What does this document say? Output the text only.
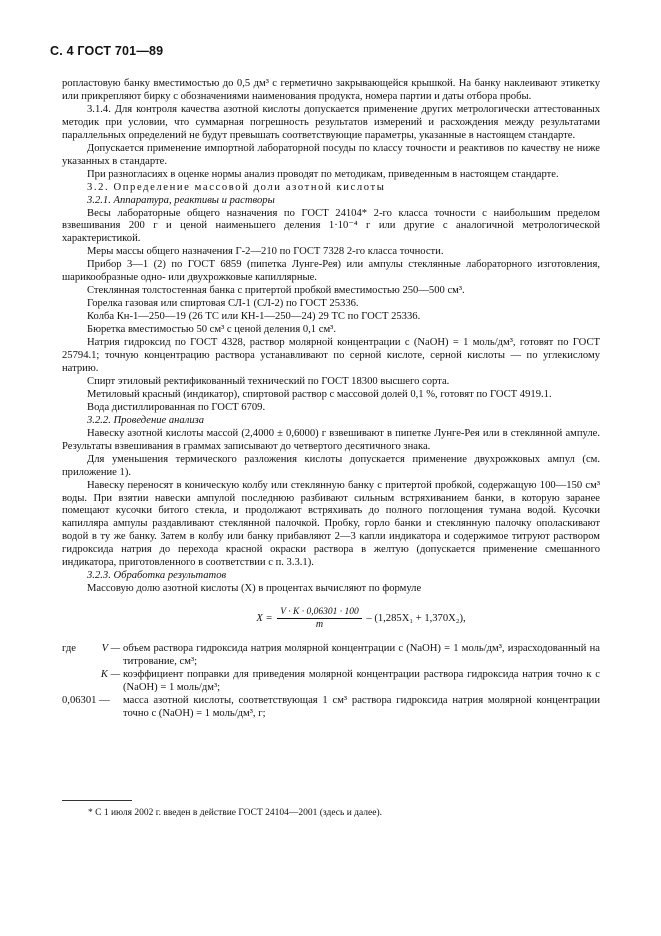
С. 4 ГОСТ 701—89

рoпластовую банку вместимостью до 0,5 дм³ с герметично закрывающейся крышкой. На банку наклеивают этикетку или прикрепляют бирку с обозначениями наименования продукта, номера партии и даты отбора пробы.

3.1.4. Для контроля качества азотной кислоты допускается применение других метрологически аттестованных методик при условии, что суммарная погрешность результатов измерений и расхождения между результатами параллельных определений не будут превышать соответствующие параметры, указанные в настоящем стандарте.

Допускается применение импортной лабораторной посуды по классу точности и реактивов по качеству не ниже указанных в стандарте.

При разногласиях в оценке нормы анализ проводят по методикам, приведенным в настоящем стандарте.

3.2. Определение массовой доли азотной кислоты

3.2.1. Аппаратура, реактивы и растворы

Весы лабораторные общего назначения по ГОСТ 24104* 2-го класса точности с наибольшим пределом взвешивания 200 г и ценой наименьшего деления 1·10⁻⁴ г или другие с аналогичной метрологической характеристикой.

Меры массы общего назначения Г-2—210 по ГОСТ 7328 2-го класса точности.

Прибор 3—1 (2) по ГОСТ 6859 (пипетка Лунге-Рея) или ампулы стеклянные лабораторного изготовления, шарикообразные одно- или двухрожковые капиллярные.

Стеклянная толстостенная банка с притертой пробкой вместимостью 250—500 см³.

Горелка газовая или спиртовая СЛ-1 (СЛ-2) по ГОСТ 25336.

Колба Кн-1—250—19 (26 ТС или КН-1—250—24) 29 ТС по ГОСТ 25336.

Бюретка вместимостью 50 см³ с ценой деления 0,1 см³.

Натрия гидроксид по ГОСТ 4328, раствор молярной концентрации c (NaOH) = 1 моль/дм³, готовят по ГОСТ 25794.1; точную концентрацию раствора устанавливают по серной кислоте, серной кислоты — по углекислому натрию.

Спирт этиловый ректификованный технический по ГОСТ 18300 высшего сорта.

Метиловый красный (индикатор), спиртовой раствор с массовой долей 0,1 %, готовят по ГОСТ 4919.1.

Вода дистиллированная по ГОСТ 6709.

3.2.2. Проведение анализа

Навеску азотной кислоты массой (2,4000 ± 0,6000) г взвешивают в пипетке Лунге-Рея или в стеклянной ампуле. Результаты взвешивания в граммах записывают до четвертого десятичного знака.

Для уменьшения термического разложения кислоты допускается применение двухрожковых ампул (см. приложение 1).

Навеску переносят в коническую колбу или стеклянную банку с притертой пробкой, содержащую 100—150 см³ воды. При взятии навески ампулой последнюю разбивают сильным встряхиванием банки, в которую заранее помещают кусочки битого стекла, и продолжают встряхивать до полного поглощения тумана водой. Кусочки капилляра ампулы раздавливают стеклянной палочкой. Пробку, горло банки и стеклянную палочку ополаскивают водой в ту же банку. Затем в колбу или банку прибавляют 2—3 капли индикатора и содержимое титруют раствором гидроксида натрия до перехода красной окраски раствора в желтую (допускается применение смешанного индикатора, приготовленного в соответствии с п. 3.3.1).

3.2.3. Обработка результатов

Массовую долю азотной кислоты (X) в процентах вычисляют по формуле

$X = \frac{V \cdot K \cdot 0,06301 \cdot 100}{m} - (1,285X_1 + 1,370X_2)$,
где	V — объем раствора гидроксида натрия молярной концентрации c (NaOH) = 1 моль/дм³, израсходованный на титрование, см³;
K — коэффициент поправки для приведения молярной концентрации раствора гидроксида натрия точно к c (NaOH) = 1 моль/дм³;
0,06301 —	масса азотной кислоты, соответствующая 1 см³ раствора гидроксида натрия молярной концентрации точно c (NaOH) = 1 моль/дм³, г;
* С 1 июля 2002 г. введен в действие ГОСТ 24104—2001 (здесь и далее).
